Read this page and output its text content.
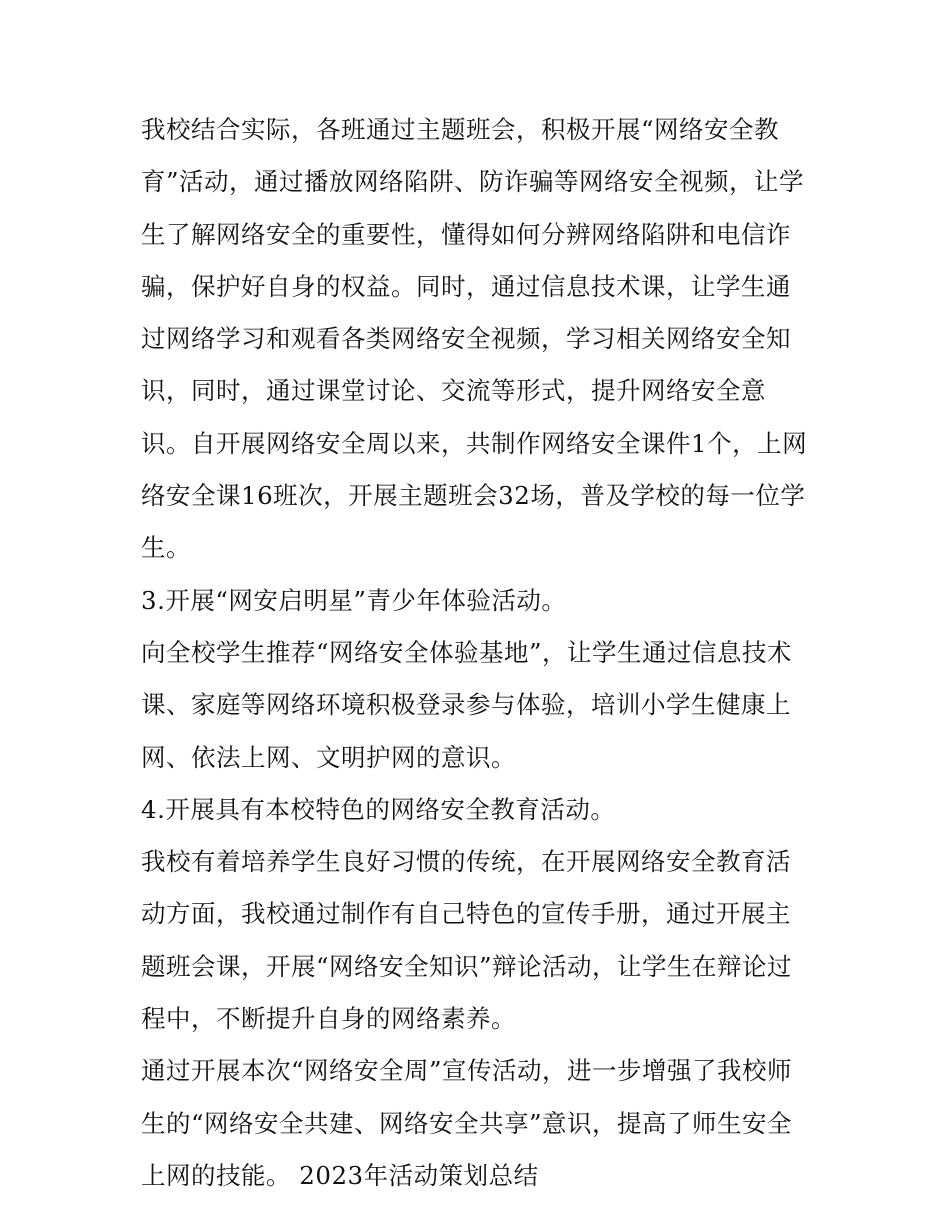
我校结合实际，各班通过主题班会，积极开展“网络安全教育”活动，通过播放网络陷阱、防诈骗等网络安全视频，让学生了解网络安全的重要性，懂得如何分辨网络陷阱和电信诈骗，保护好自身的权益。同时，通过信息技术课，让学生通过网络学习和观看各类网络安全视频，学习相关网络安全知识，同时，通过课堂讨论、交流等形式，提升网络安全意识。自开展网络安全周以来，共制作网络安全课件1个，上网络安全课16班次，开展主题班会32场，普及学校的每一位学生。

3.开展“网安启明星”青少年体验活动。

向全校学生推荐“网络安全体验基地”，让学生通过信息技术课、家庭等网络环境积极登录参与体验，培训小学生健康上网、依法上网、文明护网的意识。

4.开展具有本校特色的网络安全教育活动。

我校有着培养学生良好习惯的传统，在开展网络安全教育活动方面，我校通过制作有自己特色的宣传手册，通过开展主题班会课，开展“网络安全知识”辩论活动，让学生在辩论过程中，不断提升自身的网络素养。

通过开展本次“网络安全周”宣传活动，进一步增强了我校师生的“网络安全共建、网络安全共享”意识，提高了师生安全上网的技能。 2023年活动策划总结
